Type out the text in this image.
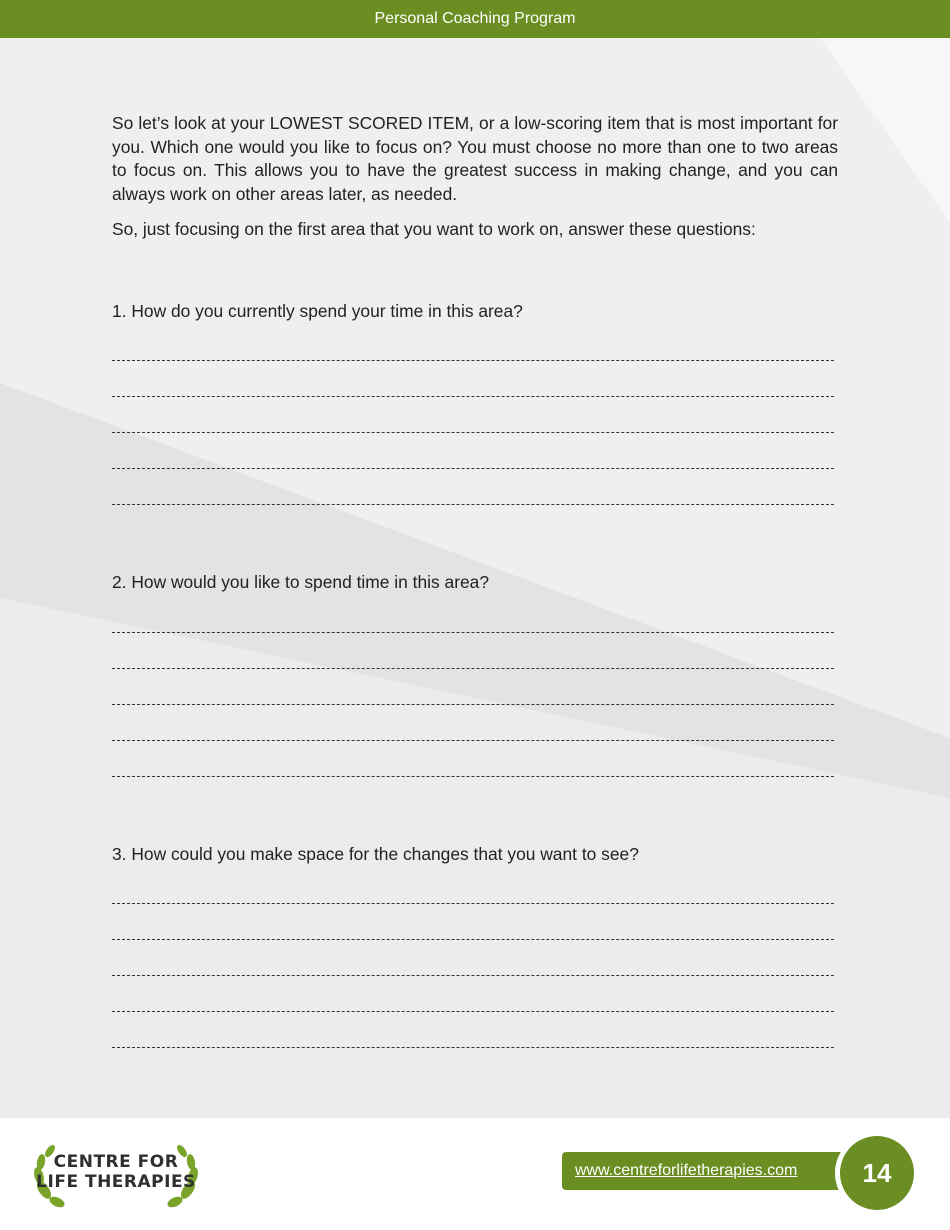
Personal Coaching Program

So let’s look at your LOWEST SCORED ITEM, or a low-scoring item that is most important for you. Which one would you like to focus on? You must choose no more than one to two areas to focus on. This allows you to have the greatest success in making change, and you can always work on other areas later, as needed.

So, just focusing on the first area that you want to work on, answer these questions:

1. How do you currently spend your time in this area?
2. How would you like to spend time in this area?
3. How could you make space for the changes that you want to see?
CENTRE FOR
LIFE THERAPIES
www.centreforlifetherapies.com	14
